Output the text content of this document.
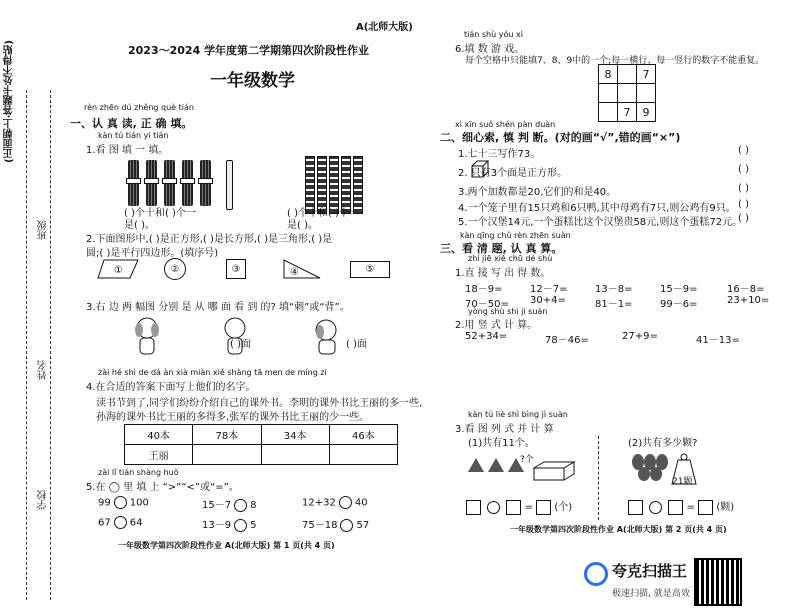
(正面朝上·答题卡处不得贴)
班级
姓名
学校
A(北师大版)
2023～2024 学年度第二学期第四次阶段性作业
一年级数学
rèn zhēn dú zhěng què tián
一、认 真 读, 正 确 填。
kàn tú tián yi tián
1.看 图 填 一 填。
( )个十和( )个一
是( )。
( )个十和( )个一
是( )。
2.下面图形中,( )是正方形,( )是长方形,( )是三角形,( )是
圆;( )是平行四边形。(填序号)
①	②	③	④	⑤
3.右 边 两 幅图 分别 是 从 哪 面 看 到 的? 填“刺”或“背”。
( )面	( )面
zài hé shì de dá àn xià miàn xiě shàng tā men de míng zi
4.在合适的答案下面写上他们的名字。
读书节到了,同学们纷纷介绍自己的课外书。李明的课外书比王丽的多一些,
孙海的课外书比王丽的多得多,张军的课外书比王丽的少一些。
40本	78本	34本	46本
王丽			
zài lǐ tián shàng huò
5.在 ◯ 里 填 上 “>”“<”或“=”。
99 100	15－7 8	12+32 40
67 64	13－9 5	75－18 57
一年级数学第四次阶段性作业 A(北师大版) 第 1 页(共 4 页)
tián shù yóu xì
6.填 数 游 戏。
每个空格中只能填7、8、9中的一个;每一横行、每一竖行的数字不能重复。
8		7

	7	9
xì xīn suǒ shén pàn duàn
二、细心索, 慎 判 断。(对的画“√”,错的画“×”)
1.七十三写作73。
2. 只有3个面是正方形。
3.两个加数都是20,它们的和是40。
4.一个笼子里有15只鸡和6只鸭,其中母鸡有7只,则公鸡有9只。
5.一个汉堡14元,一个蛋糕比这个汉堡贵58元,则这个蛋糕72元。
( )
( )
( )
( )
( )
kàn qīng chǔ rèn zhēn suàn
三、看 清 题, 认 真 算。
zhí jiē xiě chū dé shù
1.直 接 写 出 得 数。
18－9=	12－7=	13－8=	15－9=	16－8=
70－50= 30+4=	81－1=	99－6=	23+10=
yòng shù shì jì suàn
2.用 竖 式 计 算。
52+34=	78－46=	27+9=	41－13=
kàn tú liè shì bìng jì suàn
3.看 图 列 式 并 计 算
(1)共有11个。	(2)共有多少颗?
?个
21颗
=  (个)	=  (颗)
一年级数学第四次阶段性作业 A(北师大版) 第 2 页(共 4 页)
夸克扫描王
极速扫描, 就是高效
